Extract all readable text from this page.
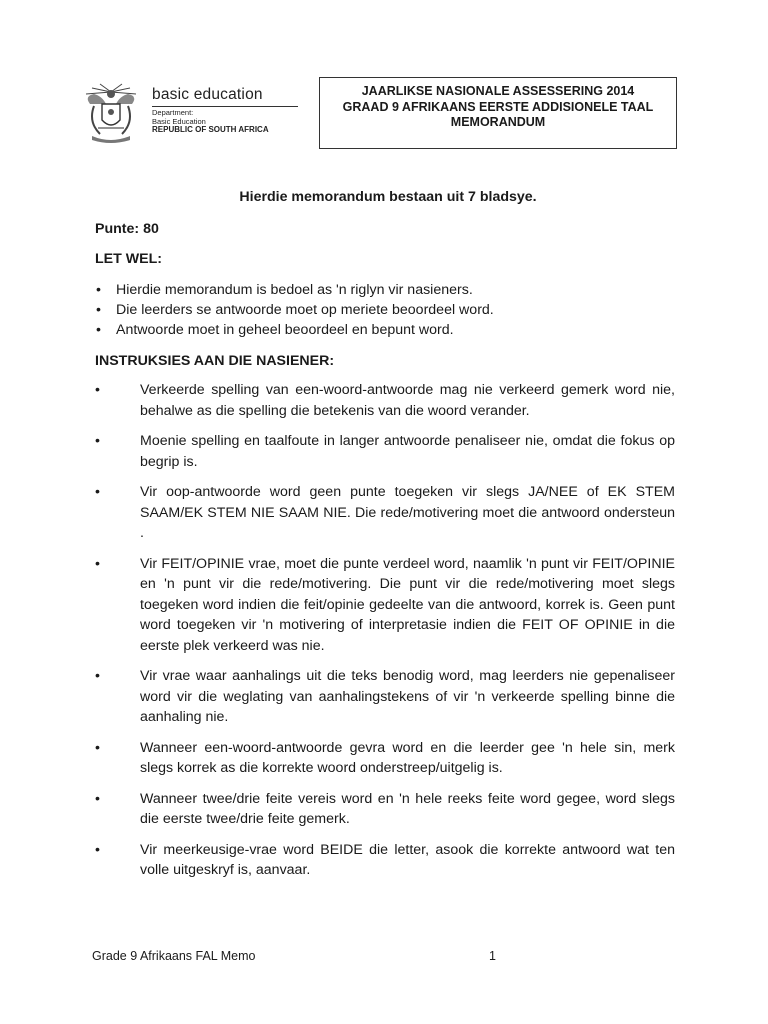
basic education
Department:
Basic Education
REPUBLIC OF SOUTH AFRICA
JAARLIKSE NASIONALE ASSESSERING 2014
GRAAD 9 AFRIKAANS EERSTE ADDISIONELE TAAL
MEMORANDUM

Hierdie memorandum bestaan uit 7 bladsye.

Punte: 80

LET WEL:

• Hierdie memorandum is bedoel as 'n riglyn vir nasieners.
• Die leerders se antwoorde moet op meriete beoordeel word.
• Antwoorde moet in geheel beoordeel en bepunt word.

INSTRUKSIES AAN DIE NASIENER:

•	Verkeerde spelling van een-woord-antwoorde mag nie verkeerd gemerk word nie, behalwe as die spelling die betekenis van die woord verander.
•	Moenie spelling en taalfoute in langer antwoorde penaliseer nie, omdat die fokus op begrip is.
•	Vir oop-antwoorde word geen punte toegeken vir slegs JA/NEE of EK STEM SAAM/EK STEM NIE SAAM NIE. Die rede/motivering moet die antwoord ondersteun .
•	Vir FEIT/OPINIE vrae, moet die punte verdeel word, naamlik 'n punt vir FEIT/OPINIE en 'n punt vir die rede/motivering. Die punt vir die rede/motivering moet slegs toegeken word indien die feit/opinie gedeelte van die antwoord, korrek is. Geen punt word toegeken vir 'n motivering of interpretasie indien die FEIT OF OPINIE in die eerste plek verkeerd was nie.
•	Vir vrae waar aanhalings uit die teks benodig word, mag leerders nie gepenaliseer word vir die weglating van aanhalingstekens of vir 'n verkeerde spelling binne die aanhaling nie.
•	Wanneer een-woord-antwoorde gevra word en die leerder gee 'n hele sin, merk slegs korrek as die korrekte woord onderstreep/uitgelig is.
•	Wanneer twee/drie feite vereis word en 'n hele reeks feite word gegee, word slegs die eerste twee/drie feite gemerk.
•	Vir meerkeusige-vrae word BEIDE die letter, asook die korrekte antwoord wat ten volle uitgeskryf is, aanvaar.
Grade 9 Afrikaans FAL Memo	1
